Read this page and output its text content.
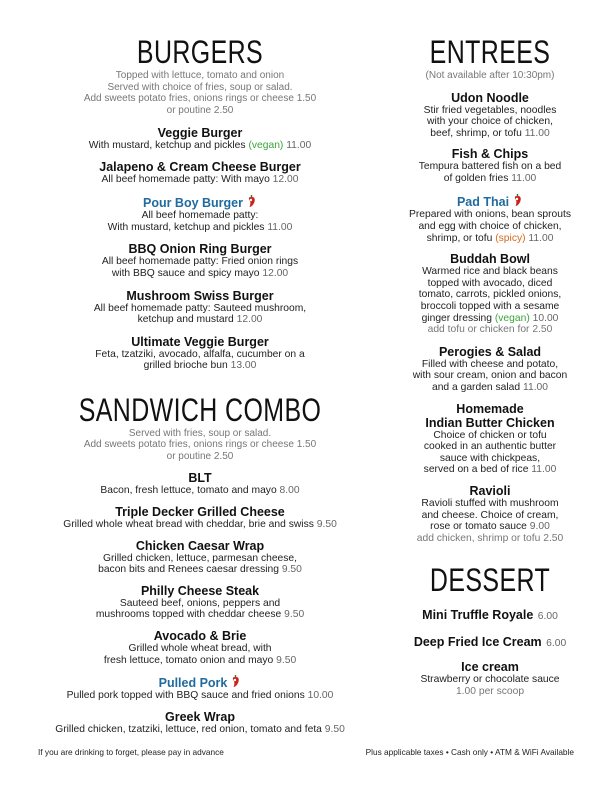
BURGERS
Topped with lettuce, tomato and onion
Served with choice of fries, soup or salad.
Add sweets potato fries, onions rings or cheese 1.50
or poutine 2.50
Veggie Burger
With mustard, ketchup and pickles (vegan) 11.00
Jalapeno & Cream Cheese Burger
All beef homemade patty: With mayo 12.00
Pour Boy Burger
All beef homemade patty:
With mustard, ketchup and pickles 11.00
BBQ Onion Ring Burger
All beef homemade patty: Fried onion rings
with BBQ sauce and spicy mayo 12.00
Mushroom Swiss Burger
All beef homemade patty: Sauteed mushroom,
ketchup and mustard 12.00
Ultimate Veggie Burger
Feta, tzatziki, avocado, alfalfa, cucumber on a
grilled brioche bun 13.00
SANDWICH COMBO
Served with fries, soup or salad.
Add sweets potato fries, onions rings or cheese 1.50
or poutine 2.50
BLT
Bacon, fresh lettuce, tomato and mayo 8.00
Triple Decker Grilled Cheese
Grilled whole wheat bread with cheddar, brie and swiss 9.50
Chicken Caesar Wrap
Grilled chicken, lettuce, parmesan cheese,
bacon bits and Renees caesar dressing 9.50
Philly Cheese Steak
Sauteed beef, onions, peppers and
mushrooms topped with cheddar cheese 9.50
Avocado & Brie
Grilled whole wheat bread, with
fresh lettuce, tomato onion and mayo 9.50
Pulled Pork
Pulled pork topped with BBQ sauce and fried onions 10.00
Greek Wrap
Grilled chicken, tzatziki, lettuce, red onion, tomato and feta 9.50
ENTREES
(Not available after 10:30pm)
Udon Noodle
Stir fried vegetables, noodles
with your choice of chicken,
beef, shrimp, or tofu 11.00
Fish & Chips
Tempura battered fish on a bed
of golden fries 11.00
Pad Thai
Prepared with onions, bean sprouts
and egg with choice of chicken,
shrimp, or tofu (spicy) 11.00
Buddah Bowl
Warmed rice and black beans
topped with avocado, diced
tomato, carrots, pickled onions,
broccoli topped with a sesame
ginger dressing (vegan) 10.00
add tofu or chicken for 2.50
Perogies & Salad
Filled with cheese and potato,
with sour cream, onion and bacon
and a garden salad 11.00
Homemade
Indian Butter Chicken
Choice of chicken or tofu
cooked in an authentic butter
sauce with chickpeas,
served on a bed of rice 11.00
Ravioli
Ravioli stuffed with mushroom
and cheese. Choice of cream,
rose or tomato sauce 9.00
add chicken, shrimp or tofu 2.50
DESSERT
Mini Truffle Royale 6.00
Deep Fried Ice Cream 6.00
Ice cream
Strawberry or chocolate sauce
1.00 per scoop
If you are drinking to forget, please pay in advance	Plus applicable taxes • Cash only • ATM & WiFi Available
